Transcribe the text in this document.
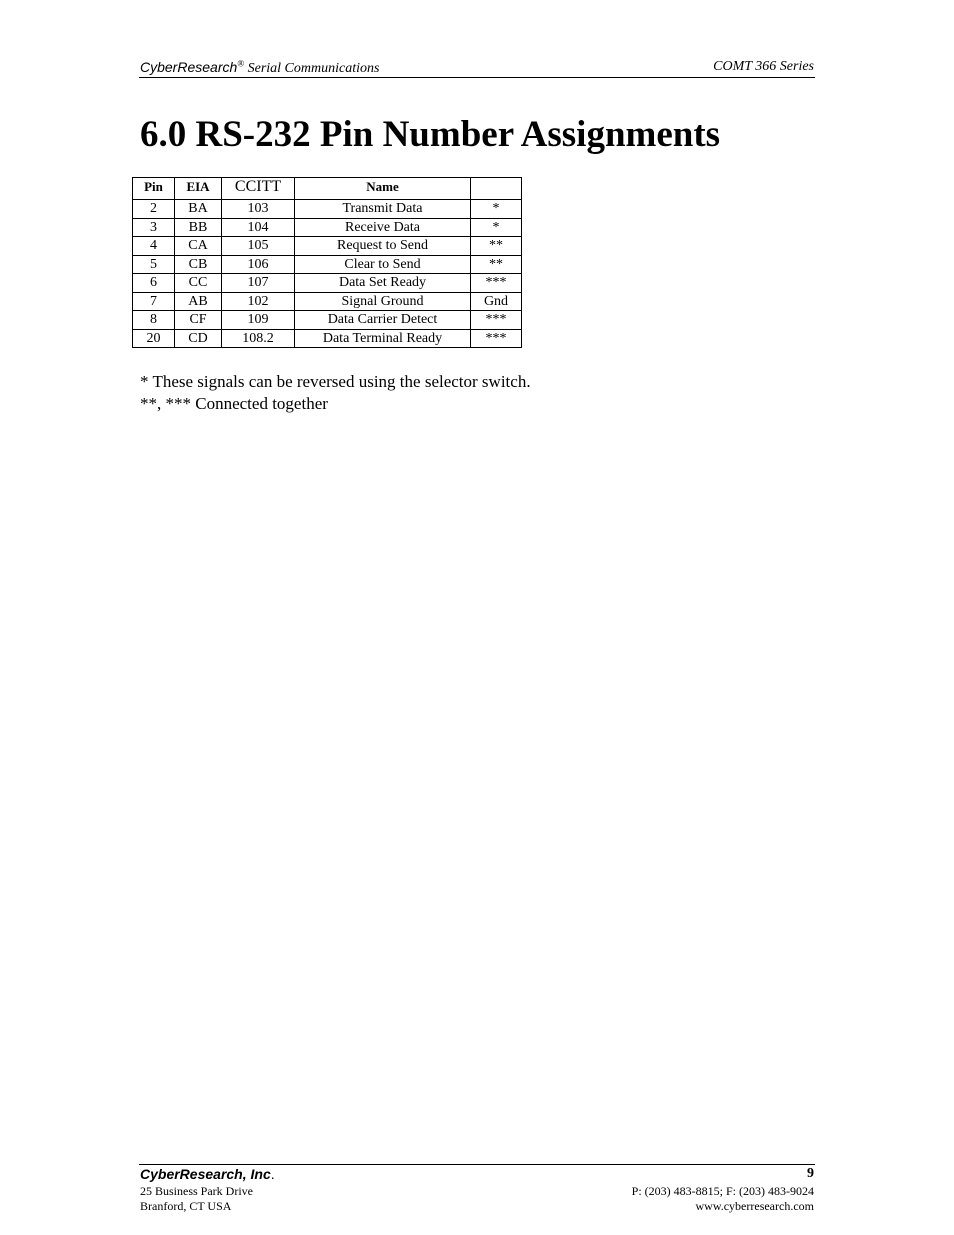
CyberResearch® Serial Communications	COMT 366 Series
6.0 RS-232 Pin Number Assignments
Pin	EIA	CCITT	Name	
2	BA	103	Transmit Data	*
3	BB	104	Receive Data	*
4	CA	105	Request to Send	**
5	CB	106	Clear to Send	**
6	CC	107	Data Set Ready	***
7	AB	102	Signal Ground	Gnd
8	CF	109	Data Carrier Detect	***
20	CD	108.2	Data Terminal Ready	***
* These signals can be reversed using the selector switch.
**, *** Connected together
CyberResearch, Inc.	9
25 Business Park Drive
Branford, CT USA
P: (203) 483-8815; F: (203) 483-9024
www.cyberresearch.com
